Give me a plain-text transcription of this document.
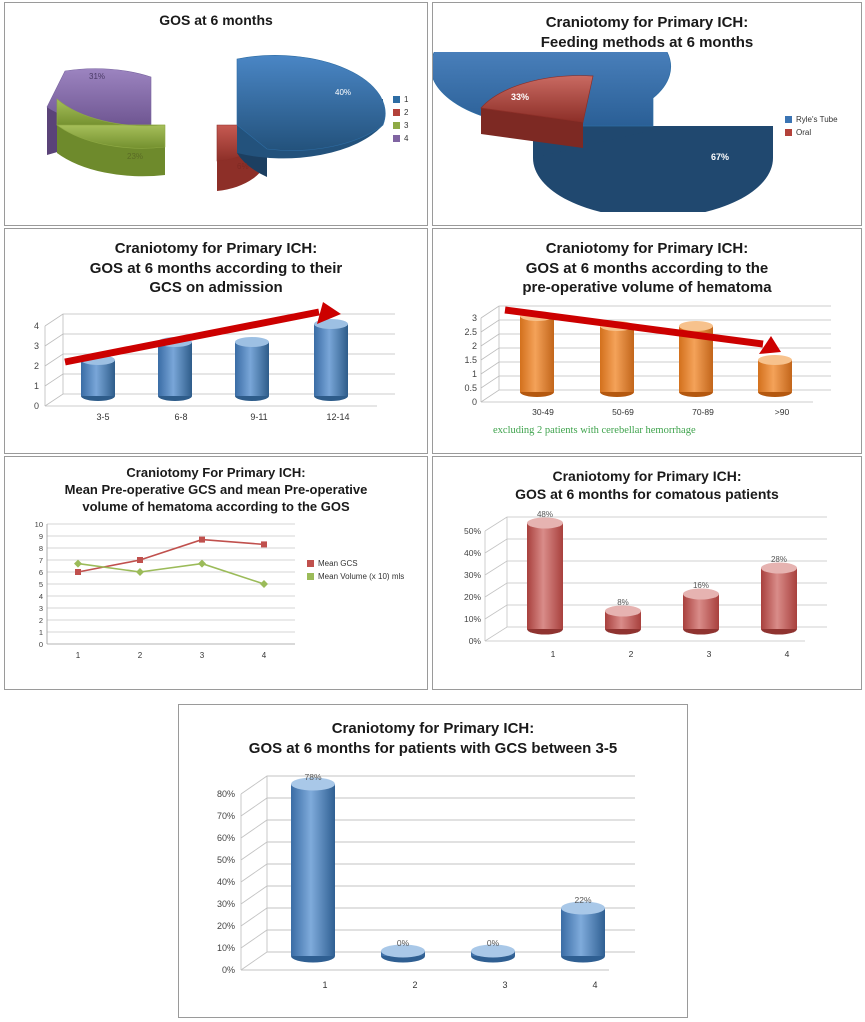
GOS at 6 months
31%
23%
6%
40%
1
2
3
4
Craniotomy for Primary ICH:
Feeding methods at 6 months
33%
67%
Ryle's Tube
Oral
Craniotomy for Primary ICH:
GOS at 6 months according to their
GCS on admission
0
1
2
3
4
3-5	6-8	9-11	12-14
Craniotomy for Primary ICH:
GOS at 6 months according to the
pre-operative volume of hematoma
0
0.5
1
1.5
2
2.5
3
30-49	50-69	70-89	>90
excluding 2 patients with cerebellar hemorrhage
Craniotomy For Primary ICH:
Mean Pre-operative GCS and mean Pre-operative
volume of hematoma according to the GOS
10
9
8
7
6
5
4
3
2
1
0
1	2	3	4
Mean GCS
Mean Volume (x 10) mls
Craniotomy for Primary ICH:
GOS at 6 months for comatous patients
48%
8%
16%
28%
0%
10%
20%
30%
40%
50%
1	2	3	4
Craniotomy for Primary ICH:
GOS at 6 months for patients with GCS between 3-5
78%
0%	0%
22%
0%
10%
20%
30%
40%
50%
60%
70%
80%
1	2	3	4
